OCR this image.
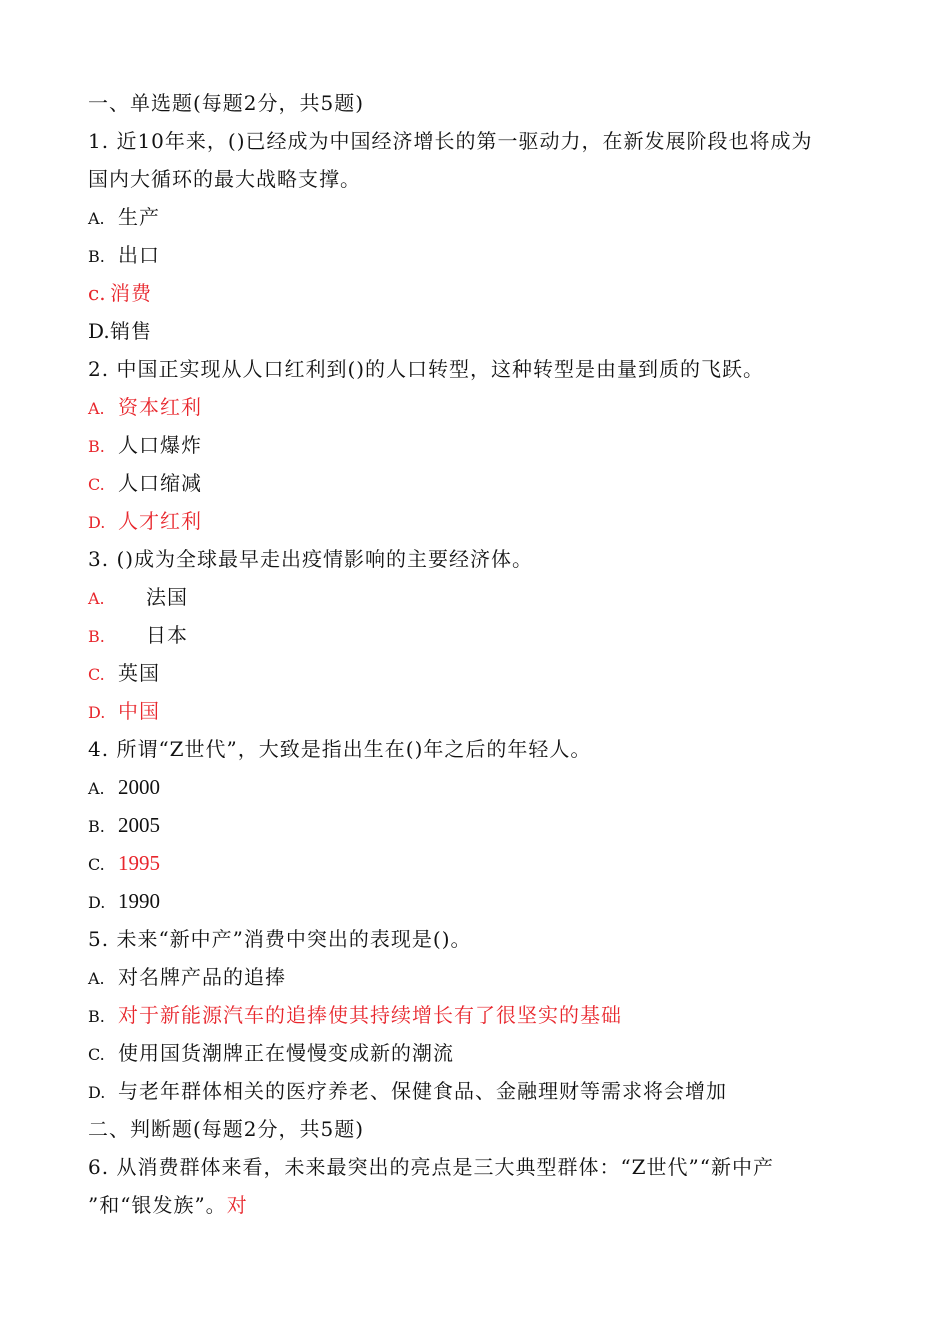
一、单选题(每题2分，共5题)
1. 近10年来，()已经成为中国经济增长的第一驱动力，在新发展阶段也将成为
国内大循环的最大战略支撑。
A. 生产
B. 出口
c. 消费
D.销售
2. 中国正实现从人口红利到()的人口转型，这种转型是由量到质的飞跃。
A. 资本红利
B. 人口爆炸
C. 人口缩减
D. 人才红利
3. ()成为全球最早走出疫情影响的主要经济体。
A. 法国
B. 日本
C. 英国
D. 中国
4. 所谓“Z世代”，大致是指出生在()年之后的年轻人。
A. 2000
B. 2005
C. 1995
D. 1990
5. 未来“新中产”消费中突出的表现是()。
A. 对名牌产品的追捧
B. 对于新能源汽车的追捧使其持续增长有了很坚实的基础
C. 使用国货潮牌正在慢慢变成新的潮流
D. 与老年群体相关的医疗养老、保健食品、金融理财等需求将会增加
二、判断题(每题2分，共5题)
6. 从消费群体来看，未来最突出的亮点是三大典型群体：“Z世代”“新中产
”和“银发族”。对
